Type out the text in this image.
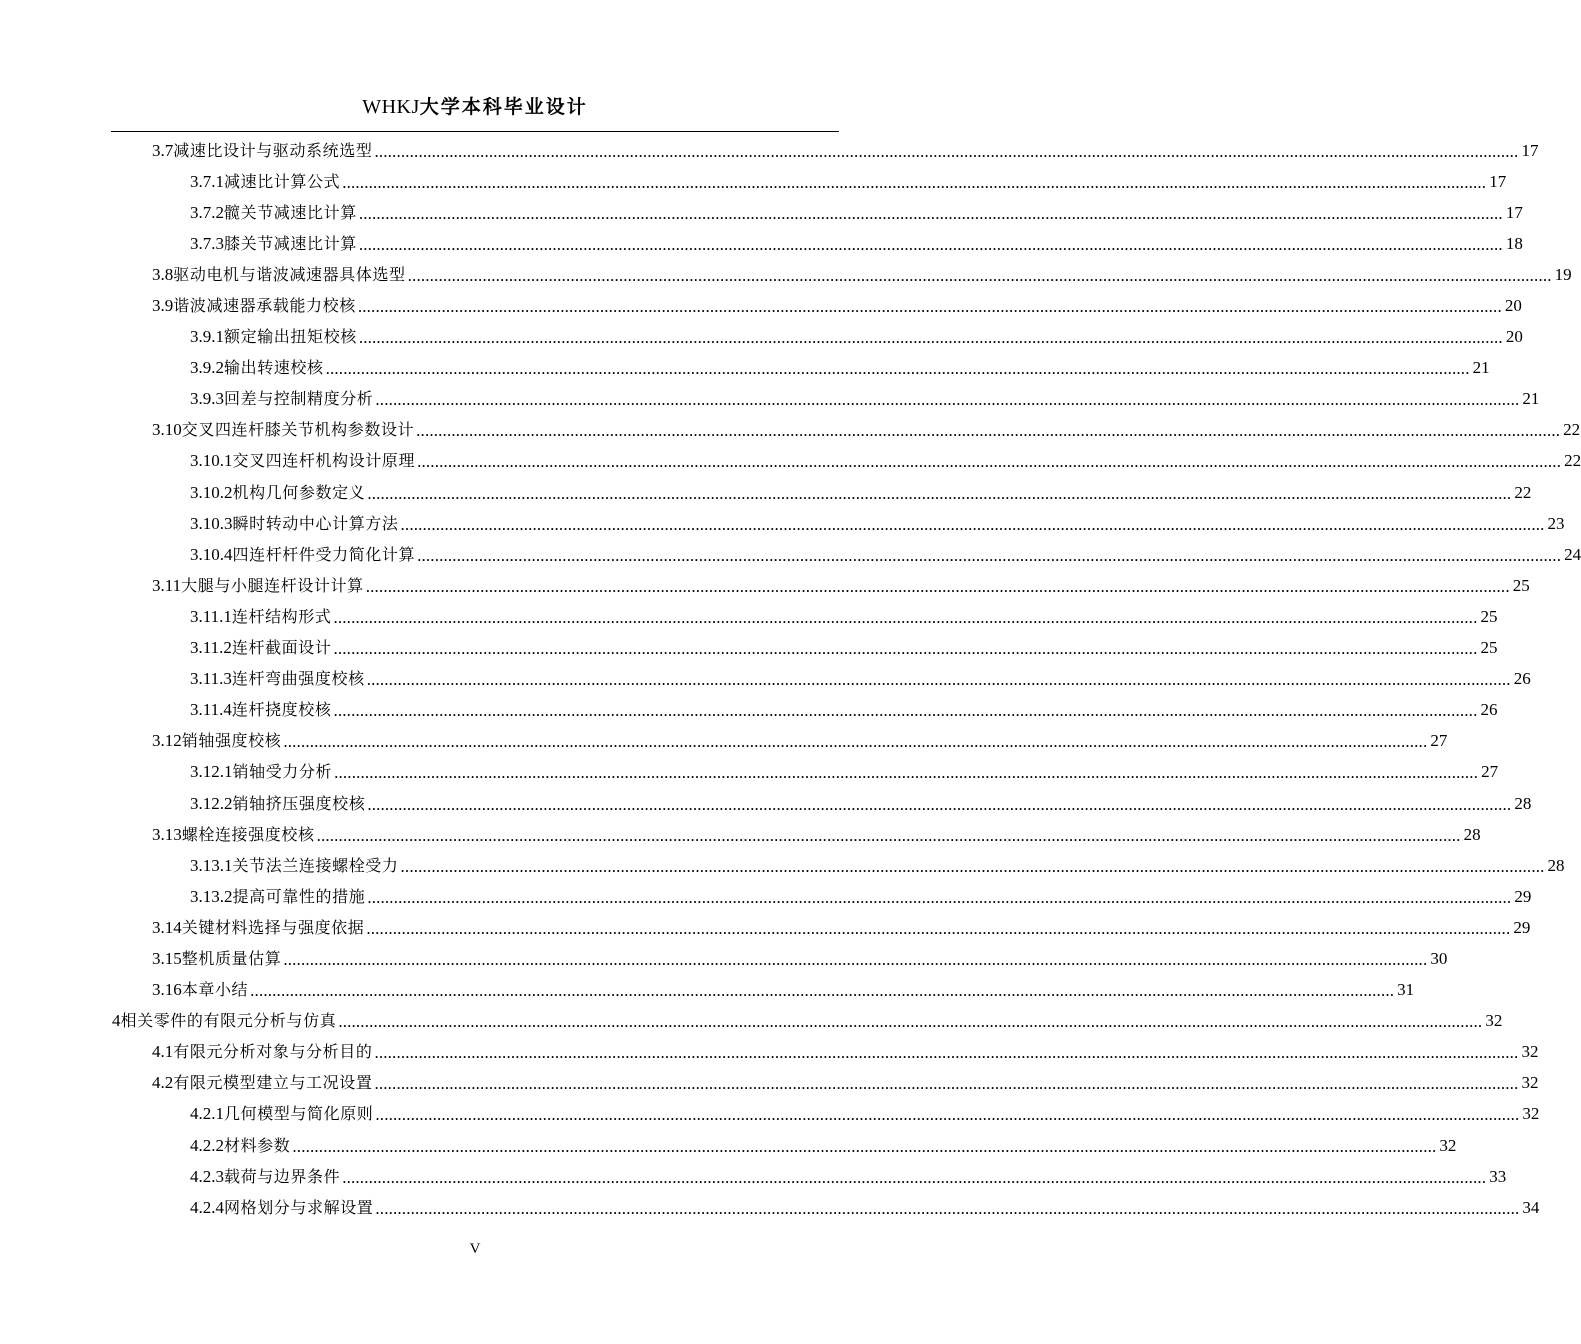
WHKJ大学本科毕业设计
3.7 减速比设计与驱动系统选型 .................................................................................................................................................................................................................................................................... 17
3.7.1 减速比计算公式 .................................................................................................................................................................................................................................................................... 17
3.7.2 髋关节减速比计算 .................................................................................................................................................................................................................................................................... 17
3.7.3 膝关节减速比计算 .................................................................................................................................................................................................................................................................... 18
3.8 驱动电机与谐波减速器具体选型 .................................................................................................................................................................................................................................................................... 19
3.9 谐波减速器承载能力校核 .................................................................................................................................................................................................................................................................... 20
3.9.1 额定输出扭矩校核 .................................................................................................................................................................................................................................................................... 20
3.9.2 输出转速校核 .................................................................................................................................................................................................................................................................... 21
3.9.3 回差与控制精度分析 .................................................................................................................................................................................................................................................................... 21
3.10 交叉四连杆膝关节机构参数设计 .................................................................................................................................................................................................................................................................... 22
3.10.1 交叉四连杆机构设计原理 .................................................................................................................................................................................................................................................................... 22
3.10.2 机构几何参数定义 .................................................................................................................................................................................................................................................................... 22
3.10.3 瞬时转动中心计算方法 .................................................................................................................................................................................................................................................................... 23
3.10.4 四连杆杆件受力简化计算 .................................................................................................................................................................................................................................................................... 24
3.11 大腿与小腿连杆设计计算 .................................................................................................................................................................................................................................................................... 25
3.11.1 连杆结构形式 .................................................................................................................................................................................................................................................................... 25
3.11.2 连杆截面设计 .................................................................................................................................................................................................................................................................... 25
3.11.3 连杆弯曲强度校核 .................................................................................................................................................................................................................................................................... 26
3.11.4 连杆挠度校核 .................................................................................................................................................................................................................................................................... 26
3.12 销轴强度校核 .................................................................................................................................................................................................................................................................... 27
3.12.1 销轴受力分析 .................................................................................................................................................................................................................................................................... 27
3.12.2 销轴挤压强度校核 .................................................................................................................................................................................................................................................................... 28
3.13 螺栓连接强度校核 .................................................................................................................................................................................................................................................................... 28
3.13.1 关节法兰连接螺栓受力 .................................................................................................................................................................................................................................................................... 28
3.13.2 提高可靠性的措施 .................................................................................................................................................................................................................................................................... 29
3.14 关键材料选择与强度依据 .................................................................................................................................................................................................................................................................... 29
3.15 整机质量估算 .................................................................................................................................................................................................................................................................... 30
3.16 本章小结 .................................................................................................................................................................................................................................................................... 31
4 相关零件的有限元分析与仿真 .................................................................................................................................................................................................................................................................... 32
4.1 有限元分析对象与分析目的 .................................................................................................................................................................................................................................................................... 32
4.2 有限元模型建立与工况设置 .................................................................................................................................................................................................................................................................... 32
4.2.1 几何模型与简化原则 .................................................................................................................................................................................................................................................................... 32
4.2.2 材料参数 .................................................................................................................................................................................................................................................................... 32
4.2.3 载荷与边界条件 .................................................................................................................................................................................................................................................................... 33
4.2.4 网格划分与求解设置 .................................................................................................................................................................................................................................................................... 34
V
